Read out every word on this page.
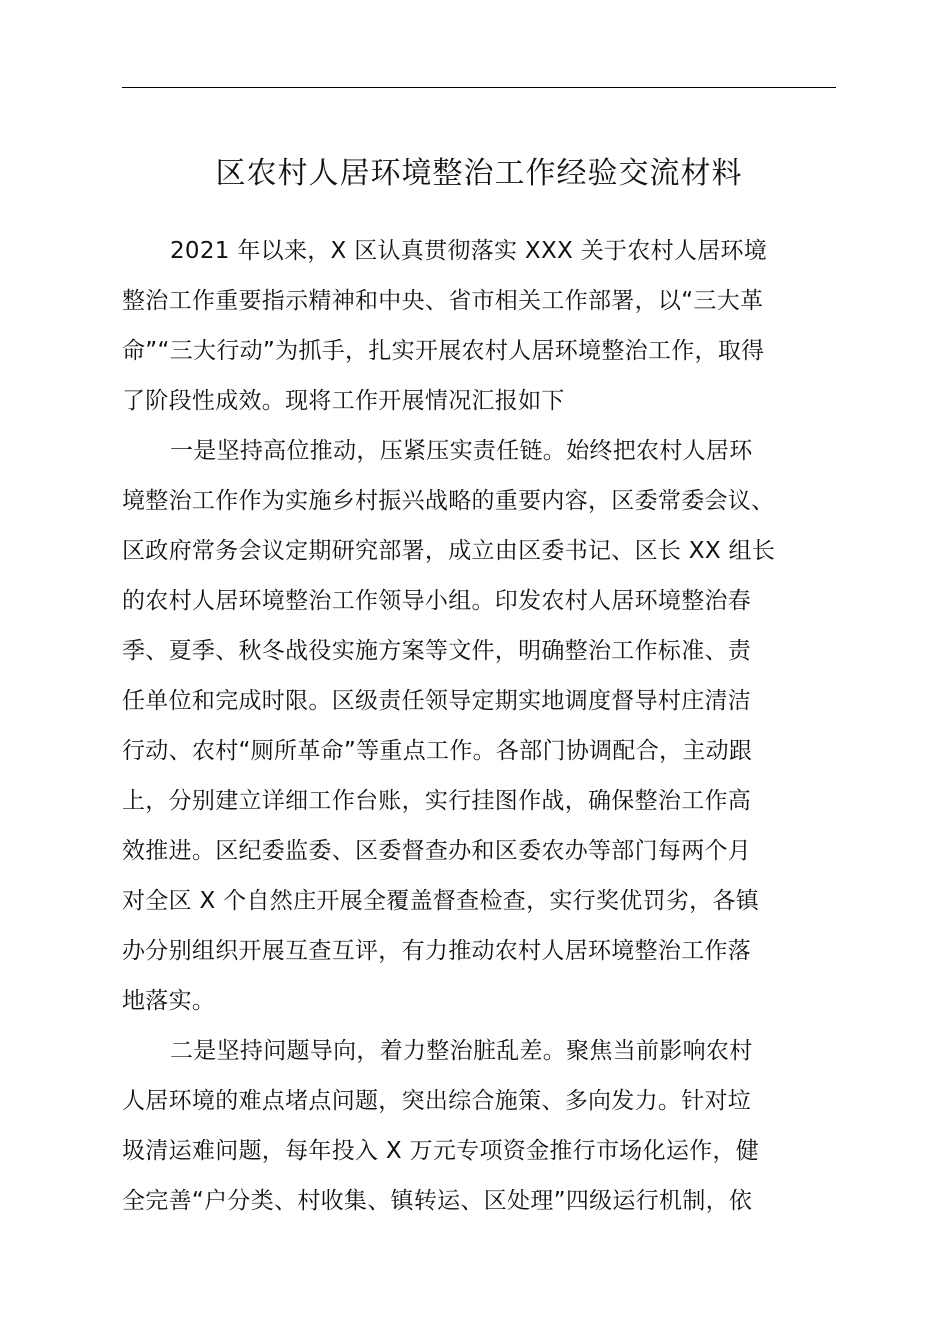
区农村人居环境整治工作经验交流材料
2021 年以来，X 区认真贯彻落实 XXX 关于农村人居环境
整治工作重要指示精神和中央、省市相关工作部署，以“三大革
命”“三大行动”为抓手，扎实开展农村人居环境整治工作，取得
了阶段性成效。现将工作开展情况汇报如下
一是坚持高位推动，压紧压实责任链。始终把农村人居环
境整治工作作为实施乡村振兴战略的重要内容，区委常委会议、
区政府常务会议定期研究部署，成立由区委书记、区长 XX 组长
的农村人居环境整治工作领导小组。印发农村人居环境整治春
季、夏季、秋冬战役实施方案等文件，明确整治工作标准、责
任单位和完成时限。区级责任领导定期实地调度督导村庄清洁
行动、农村“厕所革命”等重点工作。各部门协调配合，主动跟
上，分别建立详细工作台账，实行挂图作战，确保整治工作高
效推进。区纪委监委、区委督查办和区委农办等部门每两个月
对全区 X 个自然庄开展全覆盖督查检查，实行奖优罚劣，各镇
办分别组织开展互查互评，有力推动农村人居环境整治工作落
地落实。
二是坚持问题导向，着力整治脏乱差。聚焦当前影响农村
人居环境的难点堵点问题，突出综合施策、多向发力。针对垃
圾清运难问题，每年投入 X 万元专项资金推行市场化运作，健
全完善“户分类、村收集、镇转运、区处理”四级运行机制，依
